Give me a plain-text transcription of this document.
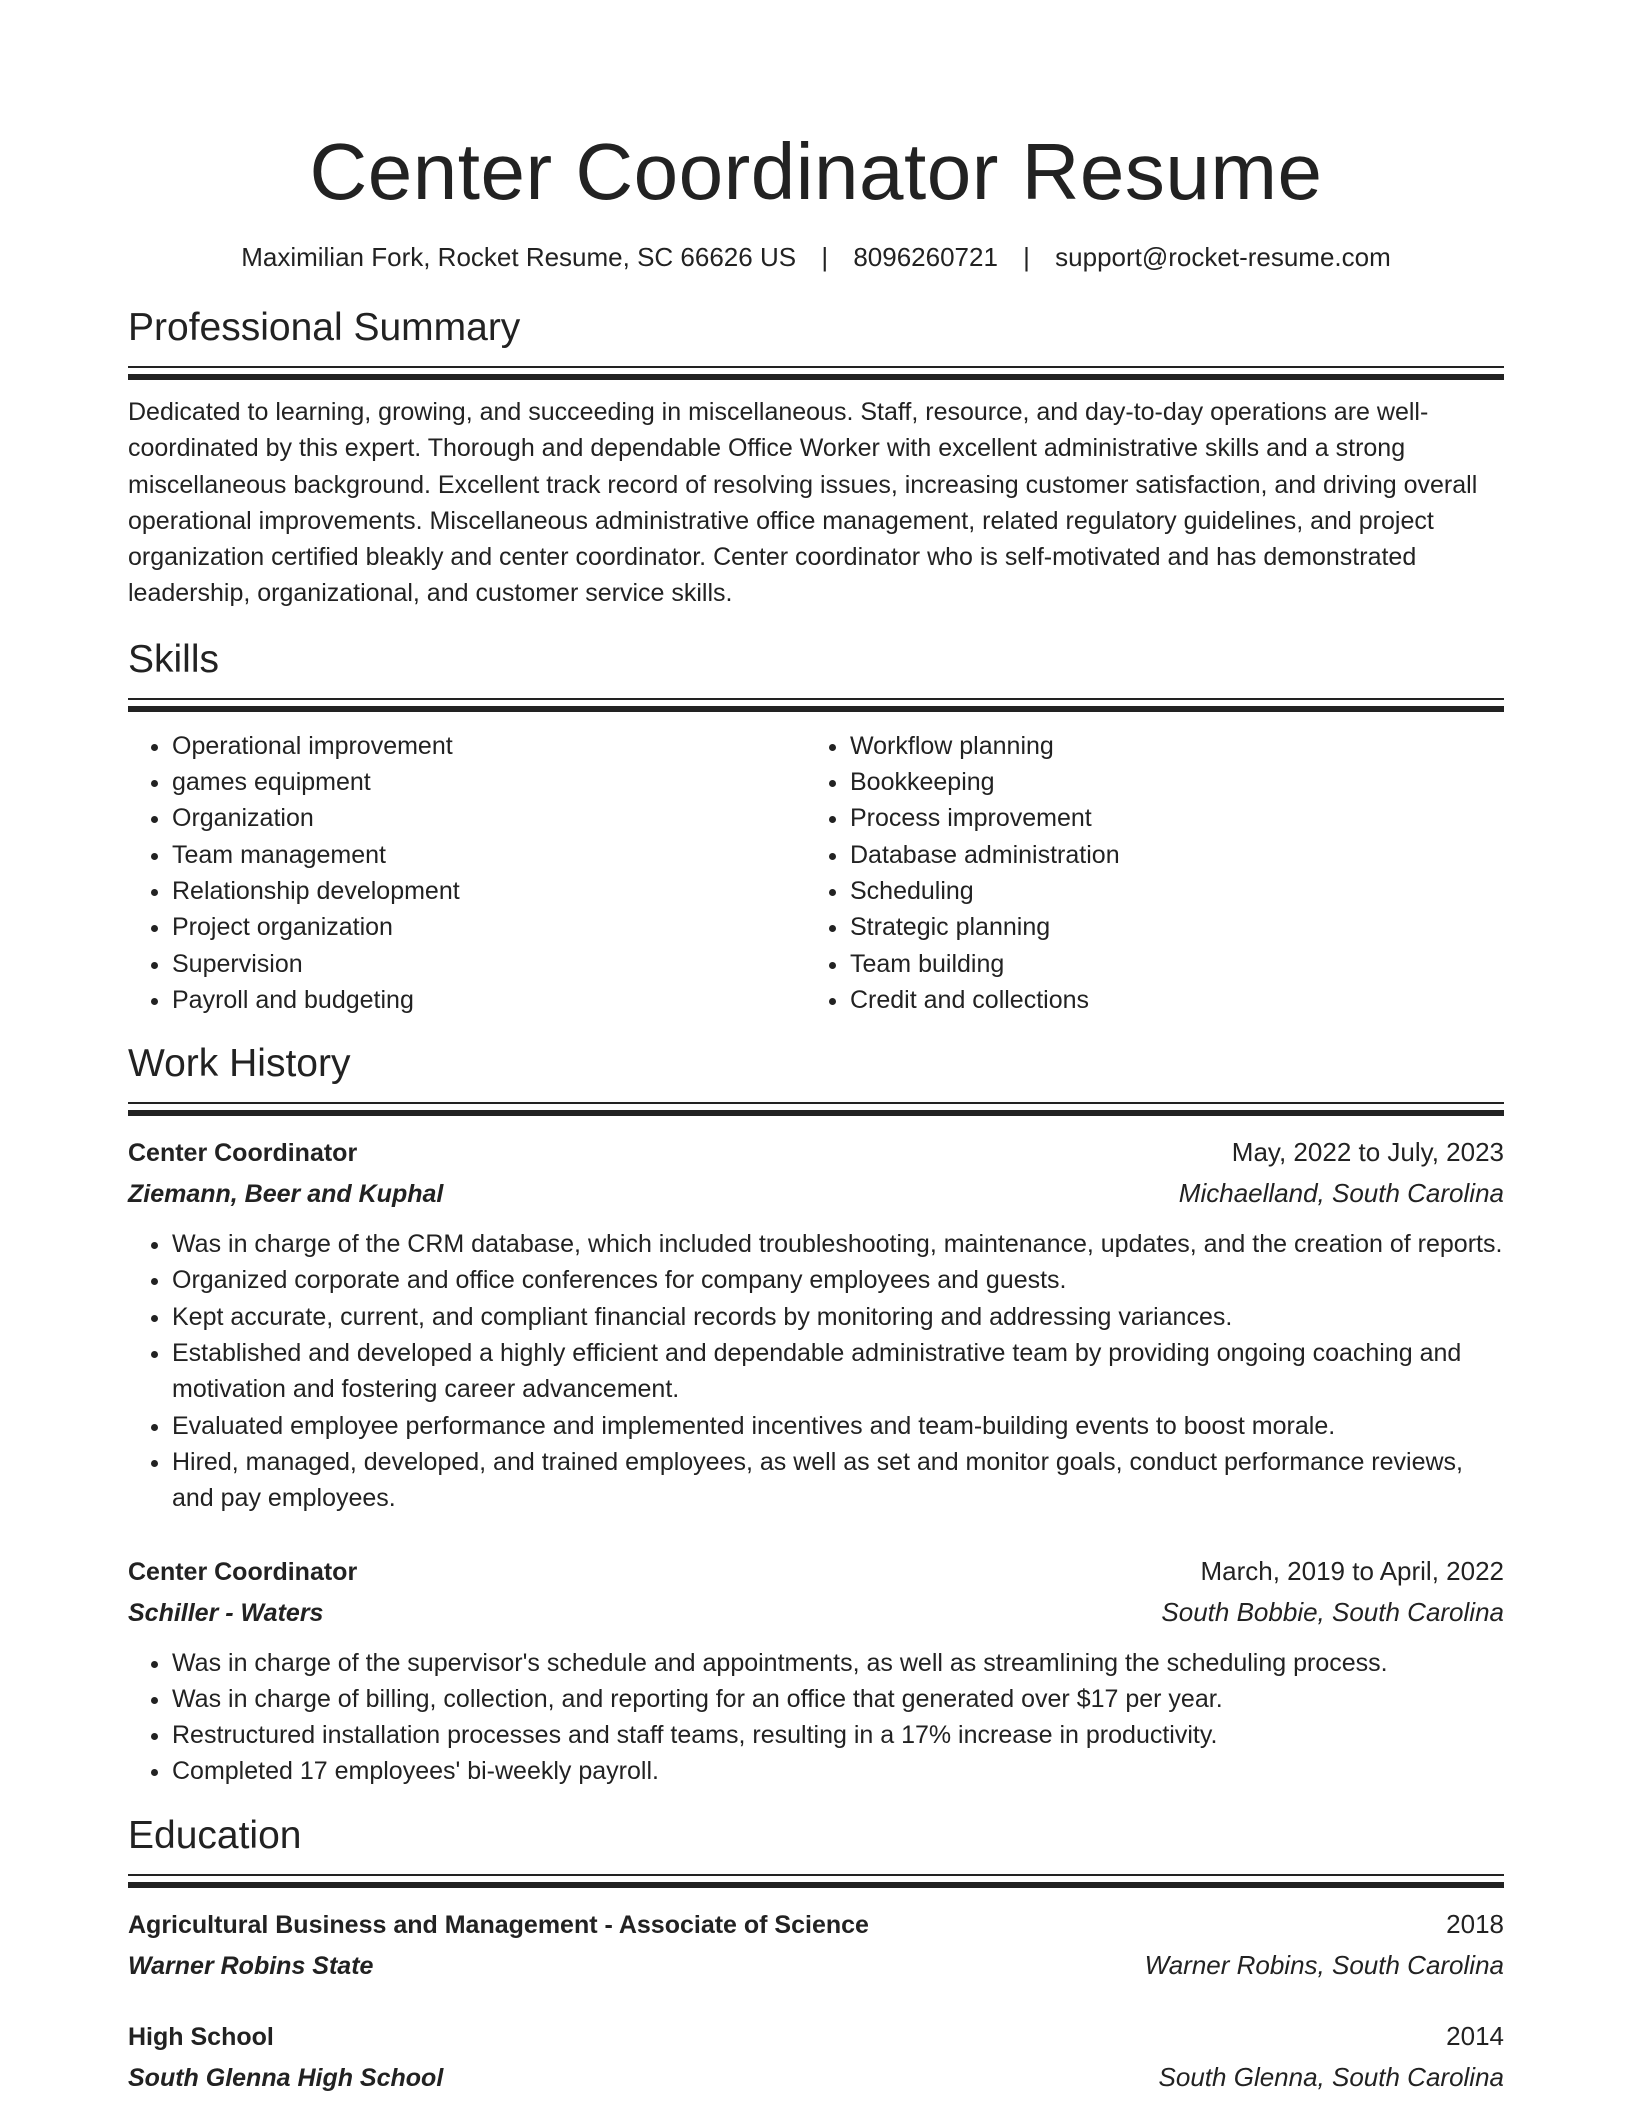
Center Coordinator Resume
Maximilian Fork, Rocket Resume, SC 66626 US | 8096260721 | support@rocket-resume.com
Professional Summary

Dedicated to learning, growing, and succeeding in miscellaneous. Staff, resource, and day-to-day operations are well-coordinated by this expert. Thorough and dependable Office Worker with excellent administrative skills and a strong miscellaneous background. Excellent track record of resolving issues, increasing customer satisfaction, and driving overall operational improvements. Miscellaneous administrative office management, related regulatory guidelines, and project organization certified bleakly and center coordinator. Center coordinator who is self-motivated and has demonstrated leadership, organizational, and customer service skills.

Skills
• Operational improvement
• games equipment
• Organization
• Team management
• Relationship development
• Project organization
• Supervision
• Payroll and budgeting
• Workflow planning
• Bookkeeping
• Process improvement
• Database administration
• Scheduling
• Strategic planning
• Team building
• Credit and collections
Work History
Center Coordinator	May, 2022 to July, 2023
Ziemann, Beer and Kuphal	Michaelland, South Carolina
• Was in charge of the CRM database, which included troubleshooting, maintenance, updates, and the creation of reports.
• Organized corporate and office conferences for company employees and guests.
• Kept accurate, current, and compliant financial records by monitoring and addressing variances.
• Established and developed a highly efficient and dependable administrative team by providing ongoing coaching and motivation and fostering career advancement.
• Evaluated employee performance and implemented incentives and team-building events to boost morale.
• Hired, managed, developed, and trained employees, as well as set and monitor goals, conduct performance reviews, and pay employees.
Center Coordinator	March, 2019 to April, 2022
Schiller - Waters	South Bobbie, South Carolina
• Was in charge of the supervisor's schedule and appointments, as well as streamlining the scheduling process.
• Was in charge of billing, collection, and reporting for an office that generated over $17 per year.
• Restructured installation processes and staff teams, resulting in a 17% increase in productivity.
• Completed 17 employees' bi-weekly payroll.
Education
Agricultural Business and Management - Associate of Science	2018
Warner Robins State	Warner Robins, South Carolina
High School	2014
South Glenna High School	South Glenna, South Carolina
